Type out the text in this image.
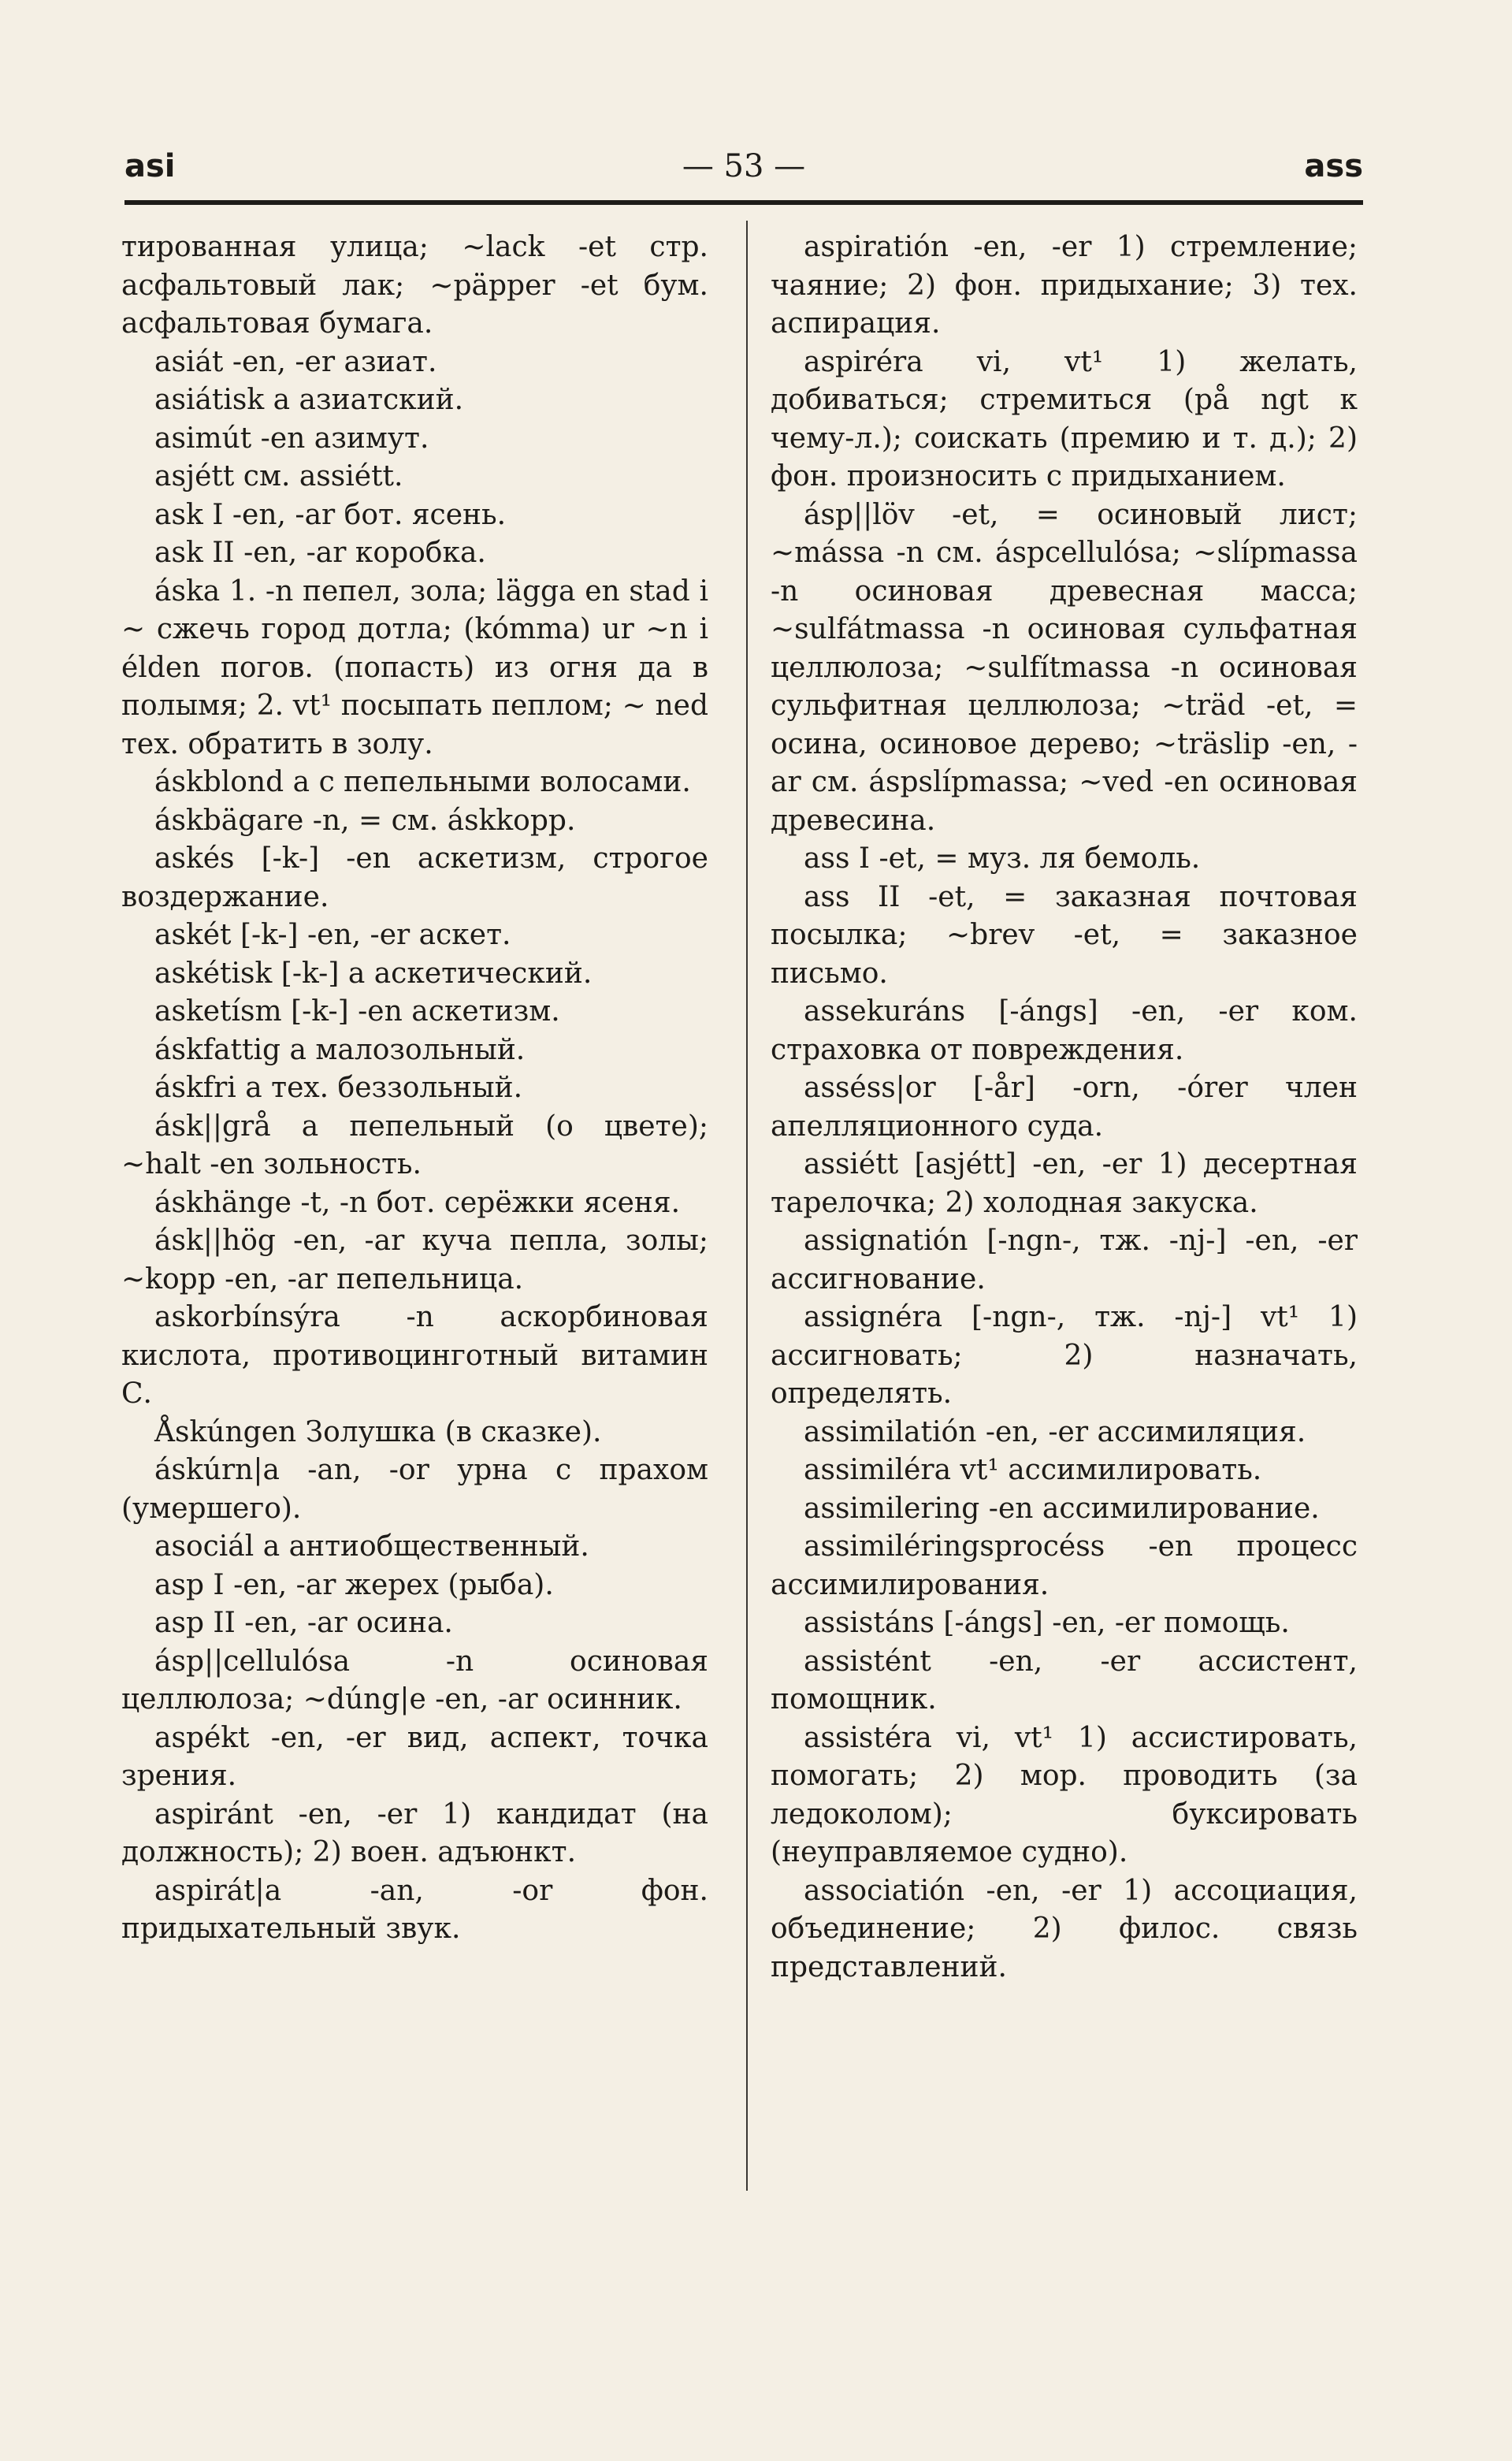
asi	— 53 —	ass

тированная улица; ~lack -et стр. асфальтовый лак; ~päpper -et бум. асфальтовая бумага.

asiát -en, -er азиат.

asiátisk a азиатский.

asimút -en азимут.

asjétt см. assiétt.

ask I -en, -ar бот. ясень.

ask II -en, -ar коробка.

áska 1. -n пепел, зола; lägga en stad i ~ сжечь город дотла; (kómma) ur ~n i élden погов. (попасть) из огня да в полымя; 2. vt¹ посыпать пеплом; ~ ned тех. обратить в золу.

áskblond a с пепельными волосами.

áskbägare -n, = см. áskkopp.

askés [-k-] -en аскетизм, строгое воздержание.

askét [-k-] -en, -er аскет.

askétisk [-k-] a аскетический.

asketísm [-k-] -en аскетизм.

áskfattig a малозольный.

áskfri a тех. беззольный.

ásk||grå a пепельный (о цвете); ~halt -en зольность.

áskhänge -t, -n бот. серёжки ясеня.

ásk||hög -en, -ar куча пепла, золы; ~kopp -en, -ar пепельница.

askorbínsýra -n аскорбиновая кислота, противоцинготный витамин С.

Åskúngen Золушка (в сказке).

áskúrn|a -an, -or урна с прахом (умершего).

asociál a антиобщественный.

asp I -en, -ar жерех (рыба).

asp II -en, -ar осина.

ásp||cellulósa -n осиновая целлюлоза; ~dúng|e -en, -ar осинник.

aspékt -en, -er вид, аспект, точка зрения.

aspiránt -en, -er 1) кандидат (на должность); 2) воен. адъюнкт.

aspirát|a -an, -or фон. придыхательный звук.

aspiratión -en, -er 1) стремление; чаяние; 2) фон. придыхание; 3) тех. аспирация.

aspiréra vi, vt¹ 1) желать, добиваться; стремиться (på ngt к чему-л.); соискать (премию и т. д.); 2) фон. произносить с придыханием.

ásp||löv -et, = осиновый лист; ~mássa -n см. áspcellulósa; ~slípmassa -n осиновая древесная масса; ~sulfátmassa -n осиновая сульфатная целлюлоза; ~sulfítmassa -n осиновая сульфитная целлюлоза; ~träd -et, = осина, осиновое дерево; ~träslip -en, -ar см. áspslípmassa; ~ved -en осиновая древесина.

ass I -et, = муз. ля бемоль.

ass II -et, = заказная почтовая посылка; ~brev -et, = заказное письмо.

assekuráns [-ángs] -en, -er ком. страховка от повреждения.

asséss|or [-år] -orn, -órer член апелляционного суда.

assiétt [asjétt] -en, -er 1) десертная тарелочка; 2) холодная закуска.

assignatión [-ngn-, тж. -nj-] -en, -er ассигнование.

assignéra [-ngn-, тж. -nj-] vt¹ 1) ассигновать; 2) назначать, определять.

assimilatión -en, -er ассимиляция.

assimiléra vt¹ ассимилировать.

assimilering -en ассимилирование.

assimiléringsprocéss -en процесс ассимилирования.

assistáns [-ángs] -en, -er помощь.

assistént -en, -er ассистент, помощник.

assistéra vi, vt¹ 1) ассистировать, помогать; 2) мор. проводить (за ледоколом); буксировать (неуправляемое судно).

associatión -en, -er 1) ассоциация, объединение; 2) филос. связь представлений.
